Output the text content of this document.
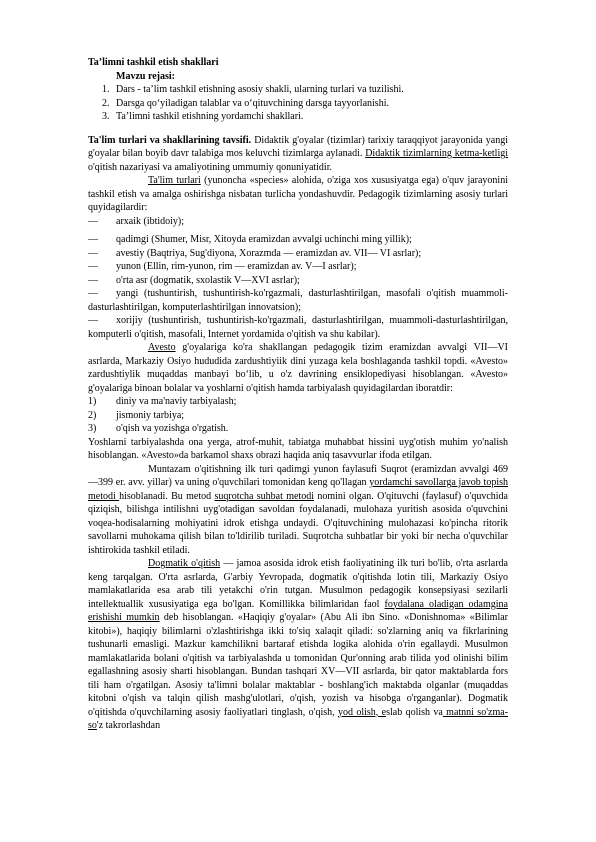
Ta’limni tashkil etish shakllari

Mavzu rejasi:

1. Dars - ta’lim tashkil etishning asosiy shakli, ularning turlari va tuzilishi.
2. Darsga qo‘yiladigan talablar va o‘qituvchining darsga tayyorlanishi.
3. Ta’limni tashkil etishning yordamchi shakllari.

Ta'lim turlari va shakllarining tavsifi. Didaktik g'oyalar (tizimlar) tarixiy taraqqiyot jarayonida yangi g'oyalar bilan boyib davr talabiga mos keluvchi tizimlarga aylanadi. Didaktik tizimlarning ketma-ketligi o'qitish nazariyasi va amaliyotining ummumiy qonuniyatidir.

Ta'lim turlari (yunoncha «species» alohida, o'ziga xos xususiyatga ega) o'quv jarayonini tashkil etish va amalga oshirishga nisbatan turlicha yondashuvdir. Pedagogik tizimlarning asosiy turlari quyidagilardir:

—	arxaik (ibtidoiy);
—	qadimgi (Shumer, Misr, Xitoyda eramizdan avvalgi uchinchi ming yillik);
—	avestiy (Baqtriya, Sug'diyona, Xorazmda — eramizdan av. VII— VI asrlar);
—	yunon (Ellin, rim-yunon, rim — eramizdan av. V—I asrlar);
—	o'rta asr (dogmatik, sxolastik V—XVI asrlar);

— yangi (tushuntirish, tushuntirish-ko'rgazmali, dasturlashtirilgan, masofali o'qitish muammoli-dasturlashtirilgan, komputerlashtirilgan innovatsion);

— xorijiy (tushuntirish, tushuntirish-ko'rgazmali, dasturlashtirilgan, muammoli-dasturlashtirilgan, komputerli o'qitish, masofali, Internet yordamida o'qitish va shu kabilar).

Avesto g'oyalariga ko'ra shakllangan pedagogik tizim eramizdan avvalgi VII—VI asrlarda, Markaziy Osiyo hududida zardushtiyiik dini yuzaga kela boshlaganda tashkil topdi. «Avesto» zardushtiylik muqaddas manbayi bo‘lib, u o'z davrining ensiklopediyasi hisoblangan. «Avesto» g'oyalariga binoan bolalar va yoshlarni o'qitish hamda tarbiyalash quyidagilardan iboratdir:

1)	diniy va ma'naviy tarbiyalash;
2)	jismoniy tarbiya;
3)	o'qish va yozishga o'rgatish.

Yoshlarni tarbiyalashda ona yerga, atrof-muhit, tabiatga muhabbat hissini uyg'otish muhim yo'nalish hisoblangan. «Avesto»da barkamol shaxs obrazi haqida aniq tasavvurlar ifoda etilgan.

Muntazam o'qitishning ilk turi qadimgi yunon faylasufi Suqrot (eramizdan avvalgi 469 —399 er. avv. yillar) va uning o'quvchilari tomonidan keng qo'llagan yordamchi savollarga javob topish metodi hisoblanadi. Bu metod suqrotcha suhbat metodi nomini olgan. O'qituvchi (faylasuf) o'quvchida qiziqish, bilishga intilishni uyg'otadigan savoldan foydalanadi, mulohaza yuritish asosida o'quvchini voqea-hodisalarning mohiyatini idrok etishga undaydi. O'qituvchining mulohazasi ko'pincha ritorik savollarni muhokama qilish bilan to'ldirilib turiladi. Suqrotcha suhbatlar bir yoki bir necha o'quvchilar ishtirokida tashkil etiladi.

Dogmatik o'qitish — jamoa asosida idrok etish faoliyatining ilk turi bo'lib, o'rta asrlarda keng tarqalgan. O'rta asrlarda, G'arbiy Yevropada, dogmatik o'qitishda lotin tili, Markaziy Osiyo mamlakatlarida esa arab tili yetakchi o'rin tutgan. Musulmon pedagogik konsepsiyasi sezilarli intellektuallik xususiyatiga ega bo'lgan. Komillikka bilimlaridan faol foydalana oladigan odamgina erishishi mumkin deb hisoblangan. «Haqiqiy g'oyalar» (Abu Ali ibn Sino. «Donishnoma» «Bilimlar kitobi»), haqiqiy bilimlarni o'zlashtirishga ikki to'siq xalaqit qiladi: so'zlarning aniq va fikrlarining tushunarli emasligi. Mazkur kamchilikni bartaraf etishda logika alohida o'rin egallaydi. Musulmon mamlakatlarida bolani o'qitish va tarbiyalashda u tomonidan Qur'onning arab tilida yod olinishi bilim egallashning asosiy sharti hisoblangan. Bundan tashqari XV—VII asrlarda, bir qator maktablarda fors tili ham o'rgatilgan. Asosiy ta'limni bolalar maktablar - boshlang'ich maktabda olganlar (muqaddas kitobni o'qish va talqin qilish mashg'ulotlari, o'qish, yozish va hisobga o'rganganlar). Dogmatik o'qitishda o'quvchilarning asosiy faoliyatlari tinglash, o'qish, yod olish, eslab qolish va matnni so'zma-so'z takrorlashdan
